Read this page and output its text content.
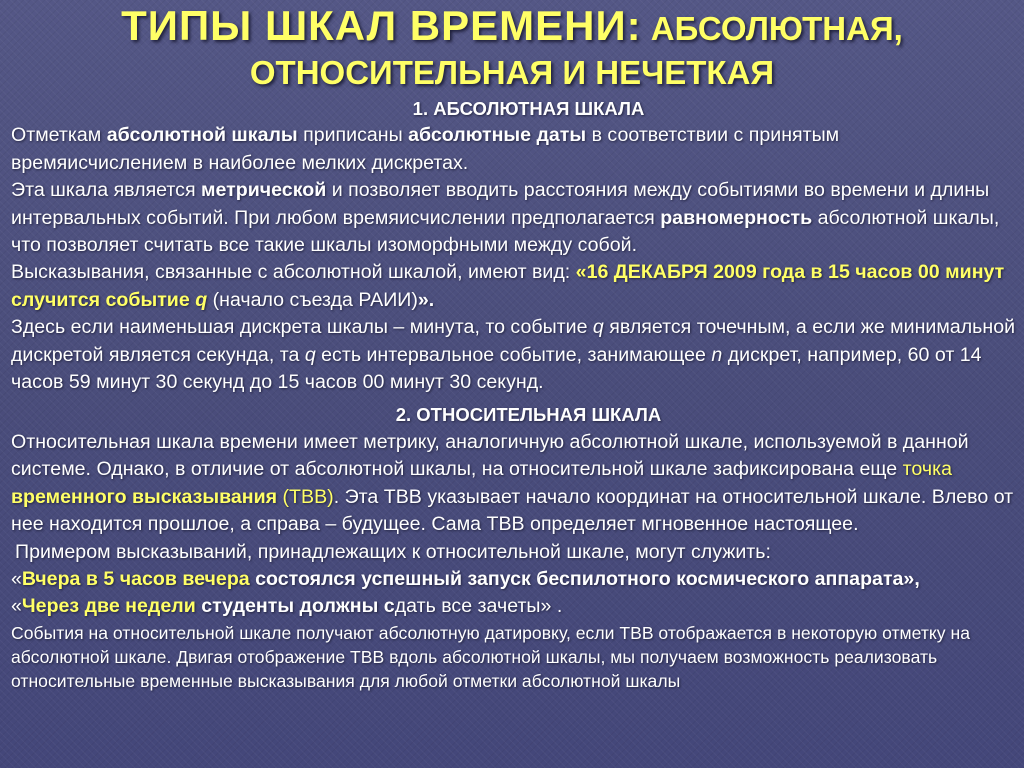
ТИПЫ ШКАЛ ВРЕМЕНИ: АБСОЛЮТНАЯ,
ОТНОСИТЕЛЬНАЯ И НЕЧЕТКАЯ
1. АБСОЛЮТНАЯ ШКАЛА

Отметкам абсолютной шкалы приписаны абсолютные даты в соответствии с принятым времяисчислением в наиболее мелких дискретах.

Эта шкала является метрической и позволяет вводить расстояния между событиями во времени и длины интервальных событий. При любом времяисчислении предполагается равномерность абсолютной шкалы, что позволяет считать все такие шкалы изоморфными между собой.

Высказывания, связанные с абсолютной шкалой, имеют вид: «16 ДЕКАБРЯ 2009 года в 15 часов 00 минут случится событие q (начало съезда РАИИ)».

Здесь если наименьшая дискрета шкалы – минута, то событие q является точечным, а если же минимальной дискретой является секунда, та q есть интервальное событие, занимающее n дискрет, например, 60 от 14 часов 59 минут 30 секунд до 15 часов 00 минут 30 секунд.

2. ОТНОСИТЕЛЬНАЯ ШКАЛА

Относительная шкала времени имеет метрику, аналогичную абсолютной шкале, используемой в данной системе. Однако, в отличие от абсолютной шкалы, на относительной шкале зафиксирована еще точка временного высказывания (ТВВ). Эта ТВВ указывает начало координат на относительной шкале. Влево от нее находится прошлое, а справа – будущее. Сама ТВВ определяет мгновенное настоящее.

Примером высказываний, принадлежащих к относительной шкале, могут служить:

«Вчера в 5 часов вечера состоялся успешный запуск беспилотного космического аппарата»,

«Через две недели студенты должны сдать все зачеты» .

События на относительной шкале получают абсолютную датировку, если ТВВ отображается в некоторую отметку на абсолютной шкале. Двигая отображение ТВВ вдоль абсолютной шкалы, мы получаем возможность реализовать относительные временные высказывания для любой отметки абсолютной шкалы
